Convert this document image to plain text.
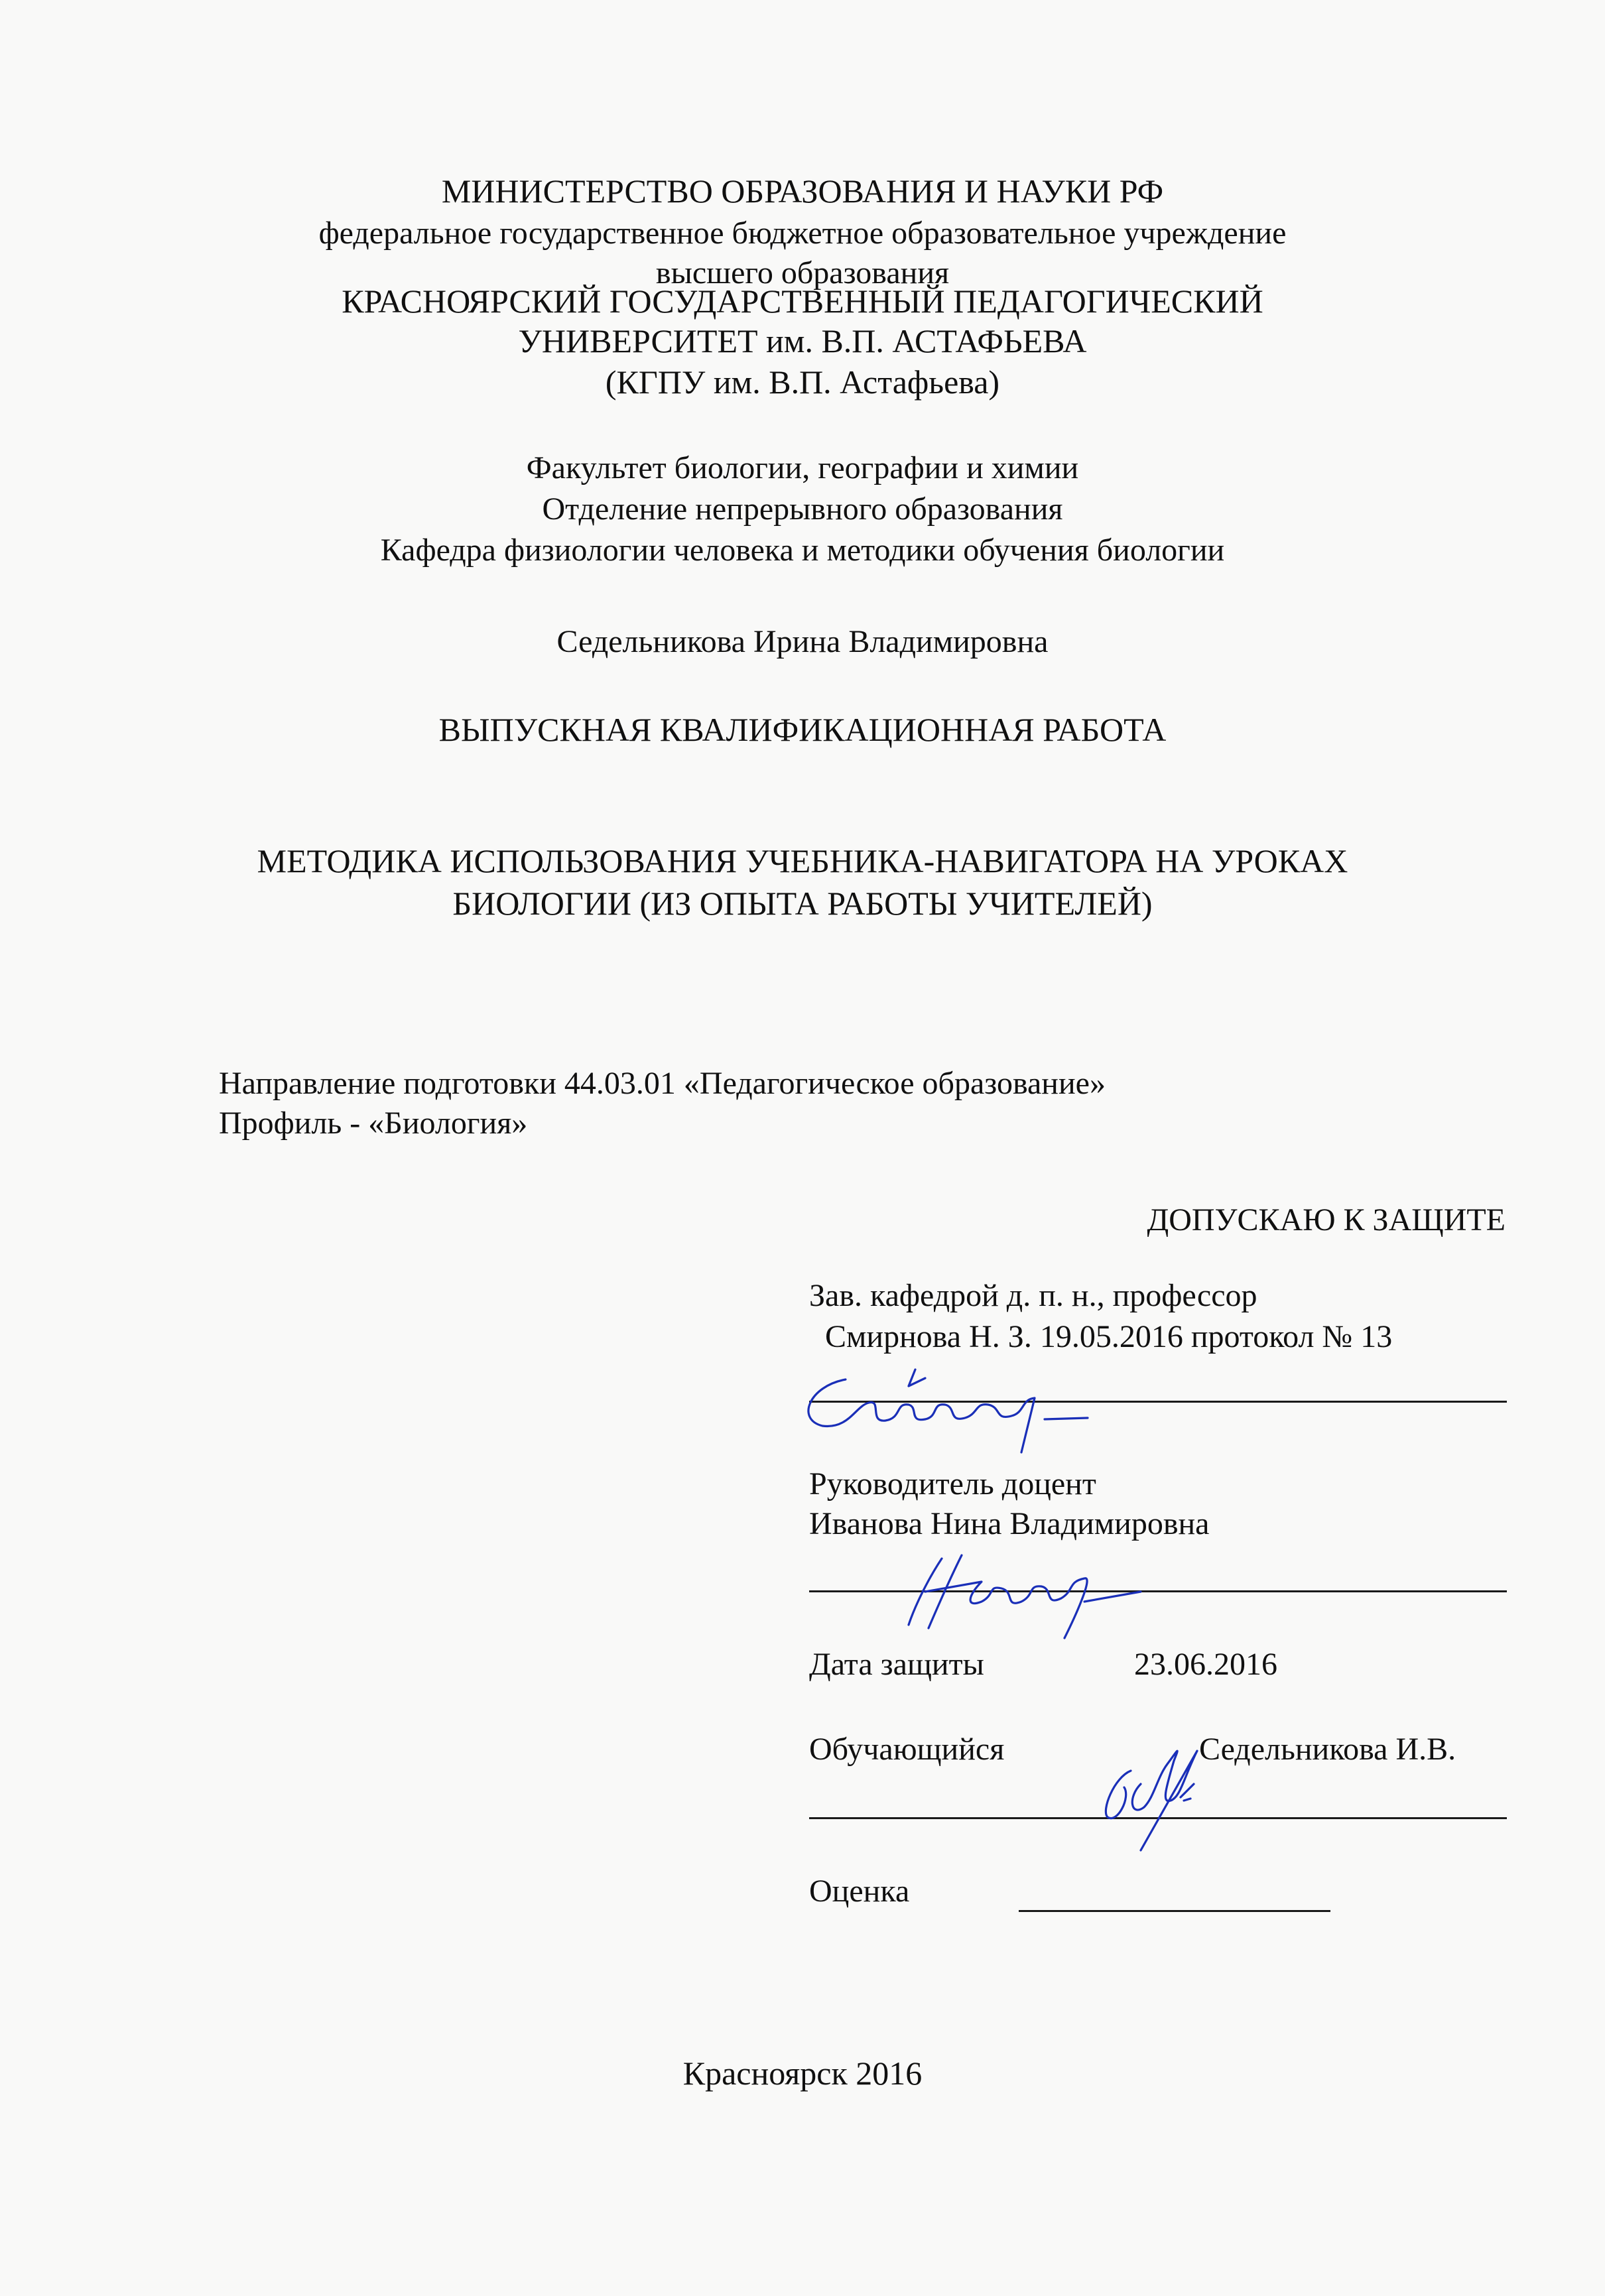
МИНИСТЕРСТВО ОБРАЗОВАНИЯ И НАУКИ РФ
федеральное государственное бюджетное образовательное учреждение
высшего образования
КРАСНОЯРСКИЙ ГОСУДАРСТВЕННЫЙ ПЕДАГОГИЧЕСКИЙ
УНИВЕРСИТЕТ им. В.П. АСТАФЬЕВА
(КГПУ им. В.П. Астафьева)
Факультет биологии, географии и химии
Отделение непрерывного образования
Кафедра физиологии человека и методики обучения биологии
Седельникова Ирина Владимировна
ВЫПУСКНАЯ КВАЛИФИКАЦИОННАЯ РАБОТА
МЕТОДИКА ИСПОЛЬЗОВАНИЯ УЧЕБНИКА-НАВИГАТОРА НА УРОКАХ
БИОЛОГИИ (ИЗ ОПЫТА РАБОТЫ УЧИТЕЛЕЙ)
Направление подготовки 44.03.01 «Педагогическое образование»
Профиль - «Биология»
ДОПУСКАЮ К ЗАЩИТЕ
Зав. кафедрой д. п. н., профессор
Смирнова Н. З. 19.05.2016 протокол № 13
Руководитель доцент
Иванова Нина Владимировна
Дата защиты	23.06.2016
Обучающийся	Седельникова И.В.
Оценка
Красноярск 2016
